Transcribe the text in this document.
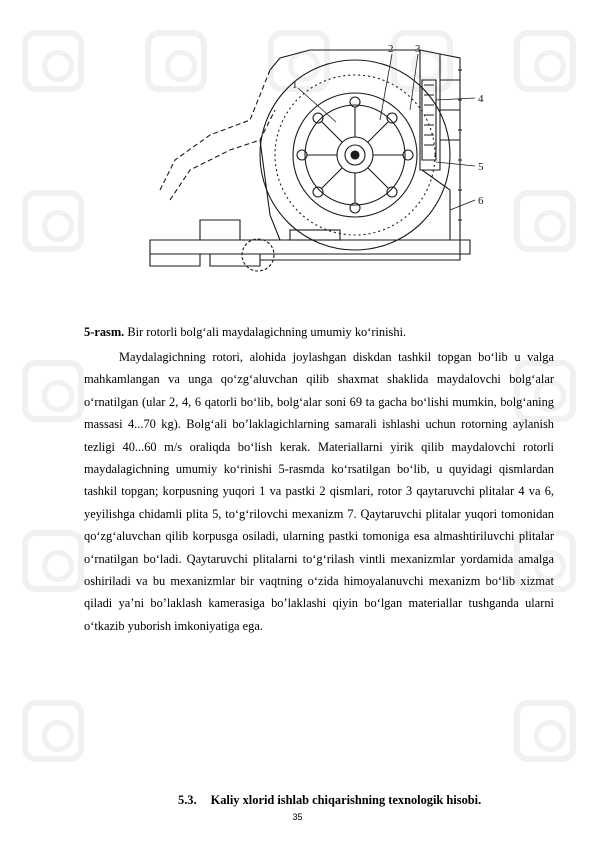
1
2 3
4
5
6
5-rasm. Bir rotorli bolg‘ali maydalagichning umumiy ko‘rinishi.

Maydalagichning rotori, alohida joylashgan diskdan tashkil topgan bo‘lib u valga mahkamlangan va unga qo‘zg‘aluvchan qilib shaxmat shaklida maydalovchi bolg‘alar o‘rnatilgan (ular 2, 4, 6 qatorli bo‘lib, bolg‘alar soni 69 ta gacha bo‘lishi mumkin, bolg‘aning massasi 4...70 kg). Bolg‘ali bo’laklagichlarning samarali ishlashi uchun rotorning aylanish tezligi 40...60 m/s oraliqda bo‘lish kerak. Materiallarni yirik qilib maydalovchi rotorli maydalagichning umumiy ko‘rinishi 5-rasmda ko‘rsatilgan bo‘lib, u quyidagi qismlardan tashkil topgan; korpusning yuqori 1 va pastki 2 qismlari, rotor 3 qaytaruvchi plitalar 4 va 6, yeyilishga chidamli plita 5, to‘g‘rilovchi mexanizm 7. Qaytaruvchi plitalar yuqori tomonidan qo‘zg‘aluvchan qilib korpusga osiladi, ularning pastki tomoniga esa almashtiriluvchi plitalar o‘rnatilgan bo‘ladi. Qaytaruvchi plitalarni to‘g‘rilash vintli mexanizmlar yordamida amalga oshiriladi va bu mexanizmlar bir vaqtning o‘zida himoyalanuvchi mexanizm bo‘lib xizmat qiladi ya’ni bo’laklash kamerasiga bo’laklashi qiyin bo‘lgan materiallar tushganda ularni o‘tkazib yuborish imkoniyatiga ega.

5.3. Kaliy xlorid ishlab chiqarishning texnologik hisobi.
35
